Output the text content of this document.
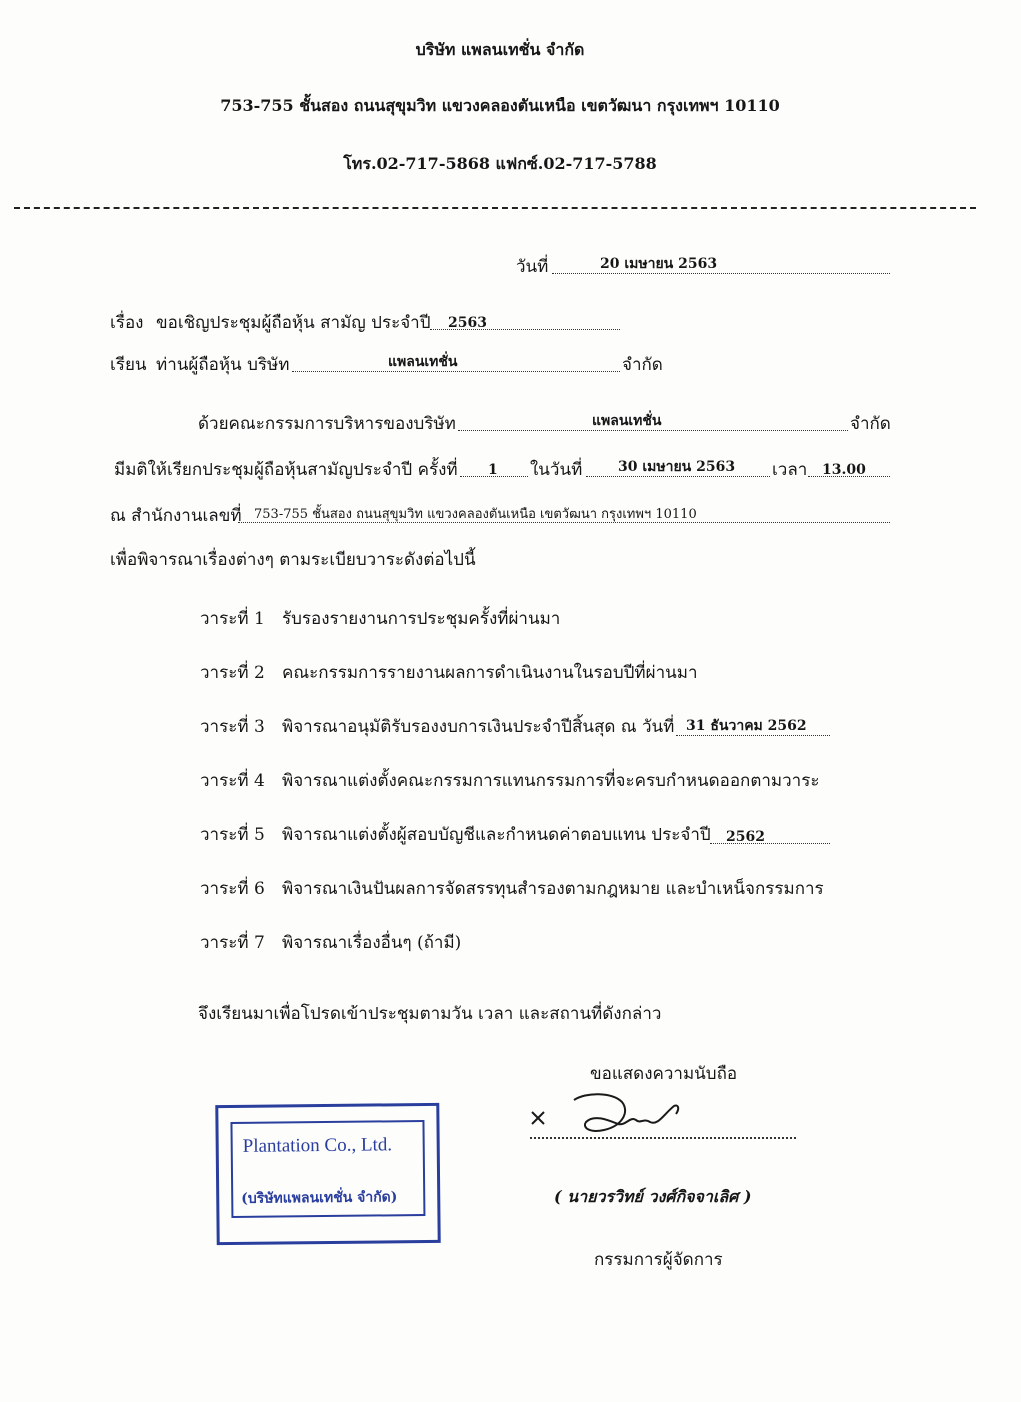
บริษัท แพลนเทชั่น จำกัด
753-755 ชั้นสอง ถนนสุขุมวิท แขวงคลองตันเหนือ เขตวัฒนา กรุงเทพฯ 10110
โทร.02-717-5868 แฟกซ์.02-717-5788
วันที่	20 เมษายน 2563
เรื่อง ขอเชิญประชุมผู้ถือหุ้น สามัญ ประจำปี 2563
เรียน ท่านผู้ถือหุ้น บริษัท	แพลนเทชั่น	จำกัด
ด้วยคณะกรรมการบริหารของบริษัท	แพลนเทชั่น	จำกัด
มีมติให้เรียกประชุมผู้ถือหุ้นสามัญประจำปี ครั้งที่ 1 ในวันที่	30 เมษายน 2563 เวลา 13.00
ณ สำนักงานเลขที่ 753-755 ชั้นสอง ถนนสุขุมวิท แขวงคลองตันเหนือ เขตวัฒนา กรุงเทพฯ 10110
เพื่อพิจารณาเรื่องต่างๆ ตามระเบียบวาระดังต่อไปนี้
วาระที่ 1 รับรองรายงานการประชุมครั้งที่ผ่านมา
วาระที่ 2 คณะกรรมการรายงานผลการดำเนินงานในรอบปีที่ผ่านมา
วาระที่ 3 พิจารณาอนุมัติรับรองงบการเงินประจำปีสิ้นสุด ณ วันที่ 31 ธันวาคม 2562
วาระที่ 4 พิจารณาแต่งตั้งคณะกรรมการแทนกรรมการที่จะครบกำหนดออกตามวาระ
วาระที่ 5 พิจารณาแต่งตั้งผู้สอบบัญชีและกำหนดค่าตอบแทน ประจำปี 2562
วาระที่ 6 พิจารณาเงินปันผลการจัดสรรทุนสำรองตามกฎหมาย และบำเหน็จกรรมการ
วาระที่ 7 พิจารณาเรื่องอื่นๆ (ถ้ามี)
จึงเรียนมาเพื่อโปรดเข้าประชุมตามวัน เวลา และสถานที่ดังกล่าว
ขอแสดงความนับถือ
( นายวรวิทย์ วงศ์กิจจาเลิศ )
กรรมการผู้จัดการ
Plantation Co., Ltd.
(บริษัทแพลนเทชั่น จำกัด)
